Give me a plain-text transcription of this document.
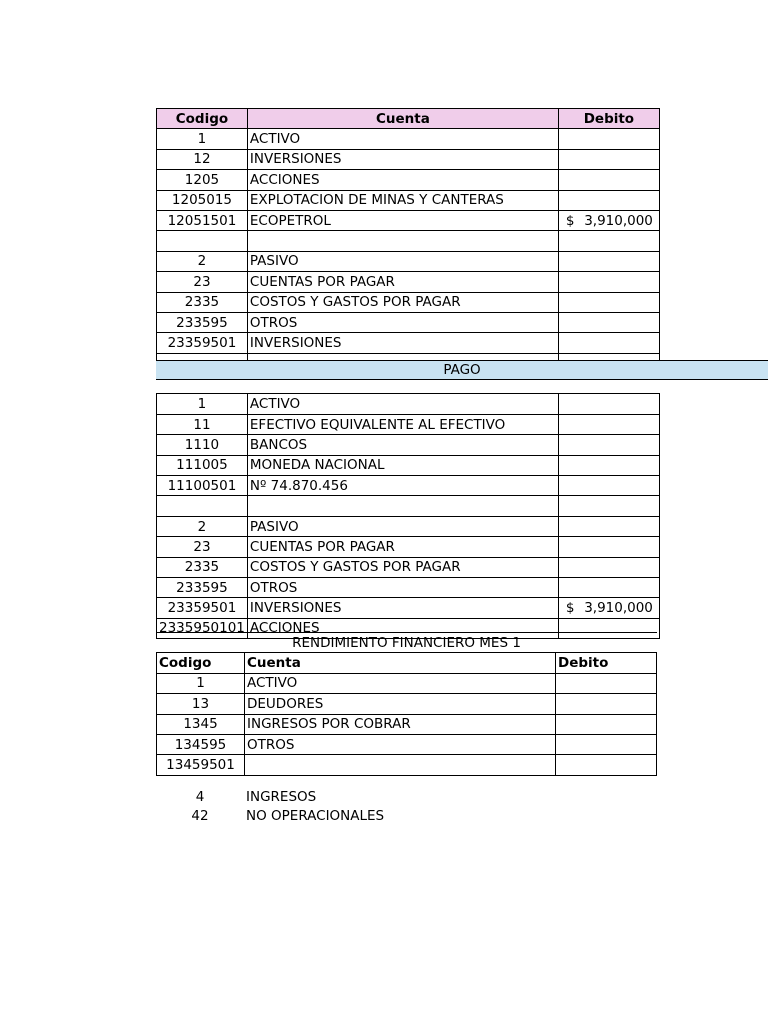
Codigo	Cuenta	Debito
1	ACTIVO	

12	INVERSIONES	

1205	ACCIONES	

1205015	EXPLOTACION DE MINAS Y CANTERAS	

12051501	ECOPETROL	$ 3,910,000

2	PASIVO	

23	CUENTAS POR PAGAR	

2335	COSTOS Y GASTOS POR PAGAR	

233595	OTROS	

23359501	INVERSIONES	

1	ACTIVO	

11	EFECTIVO EQUIVALENTE AL EFECTIVO	

1110	BANCOS	

111005	MONEDA NACIONAL	

11100501	Nº 74.870.456	

2	PASIVO	

23	CUENTAS POR PAGAR	

2335	COSTOS Y GASTOS POR PAGAR	

233595	OTROS	

23359501	INVERSIONES	$ 3,910,000

2335950101	ACCIONES	
PAGO
RENDIMIENTO FINANCIERO MES 1		
Codigo	Cuenta	Debito
1	ACTIVO	
13	DEUDORES	
1345	INGRESOS POR COBRAR	
134595	OTROS	
13459501		
4	INGRESOS	
42	NO OPERACIONALES	
